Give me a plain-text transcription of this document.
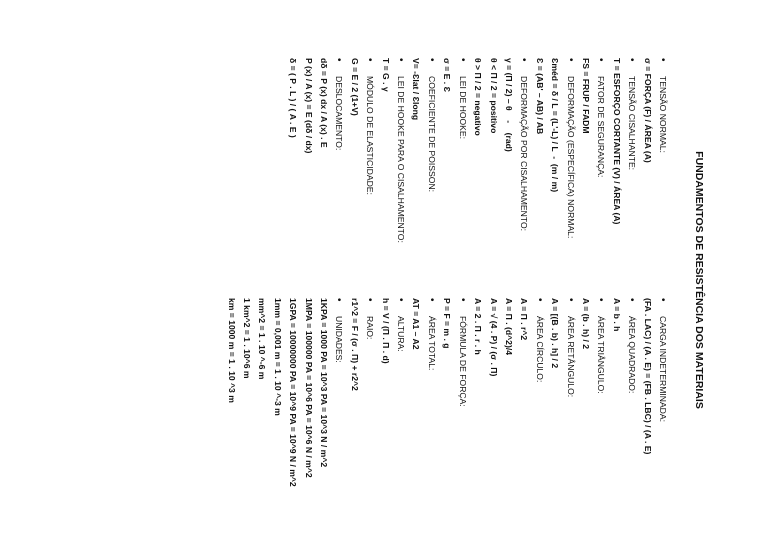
FUNDAMENTOS DE RESISTÊNCIA DOS MATERIAIS
•
TENSÃO NORMAL:
σ = FORÇA (F) / ÁREA (A)
•
TENSÃO CISALHANTE:
T = ESFORÇO CORTANTE (V) / ÁREA (A)
•
FATOR DE SEGURANÇA:
FS = FRUP / FADM
•
DEFORMAÇÃO (ESPECÍFICA) NORMAL:
Ɛméd = δ / L = (L'-L) / L  -  (m / m)
Ɛ = (AB' – AB) / AB
•
DEFORMAÇÃO POR CISALHAMENTO:
γ = (Π / 2) – θ    -    (rad)
θ < Π / 2 = positivo
θ > Π / 2 = negativo
•
LEI DE HOOKE:
σ = E . Ɛ
•
COEFICIENTE DE POISSON:
V= -Ɛlat / Ɛlong
•
LEI DE HOOKE PARA O CISALHAMENTO:
T = G . γ
•
MÓDULO DE ELASTICIDADE:
G = E / 2 (1+V)
•
DESLOCAMENTO:
dδ = P (x) dx / A (x) . E
P (x) / A (x) = E (dδ / dx)
δ = ( P . L ) / ( A . E )
•
CARGA INDETERMINADA:
(FA . LAC) / (A . E) = (FB . LBC) / (A . E)
•
ÁREA QUADRADO:
A = b . h
•
ÁREA TRIÂNGULO:
A = (b . h) / 2
•
ÁREA RETÂNGULO:
A = [(B . b) . h] / 2
•
ÁREA CÍRCULO:
A = Π . r^2
A = Π . (d^2)/4
A = √ (4 . P) / (σ . Π)
A = 2 . Π . r . h
•
FÓRMULA DE FORÇA:
P = F = m . g
•
ÁREA TOTAL:
AT = A1 – A2
•
ALTURA:
h = V / (Π . Π . d)
•
RAIO:
r1^2 = F / (σ . Π) + r2^2
•
UNIDADES:
1KPA = 1000 PA = 10^3 PA = 10^3 N / m^2
1MPA = 100000 PA = 10^6 PA = 10^6 N / m^2
1GPA = 10000000 PA = 10^9 PA = 10^9 N / m^2
1mm = 0,001 m = 1 . 10 ^-3 m
mm^2 = 1 . 10 ^-6 m
1 km^2 = 1 . 10^6 m
km = 1000 m = 1 . 10 ^3 m
